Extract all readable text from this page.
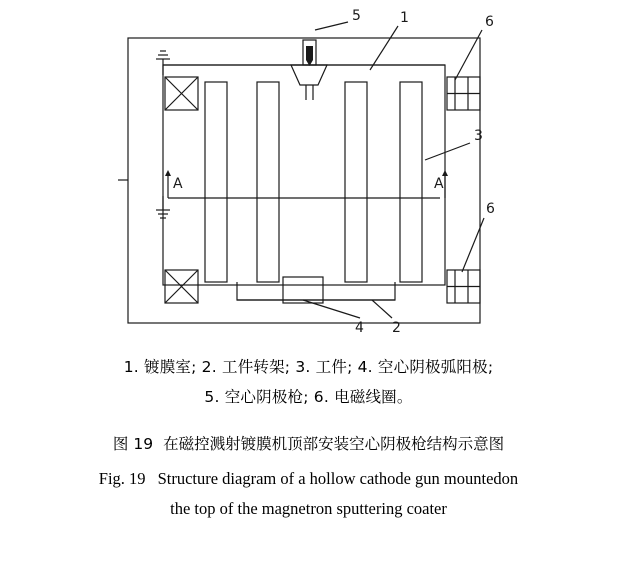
5	1	6
3
6
4 2
A	A
1. 镀膜室; 2. 工件转架; 3. 工件; 4. 空心阴极弧阳极;
5. 空心阴极枪; 6. 电磁线圈。
图 19 在磁控溅射镀膜机顶部安装空心阴极枪结构示意图
Fig. 19 Structure diagram of a hollow cathode gun mountedon
the top of the magnetron sputtering coater
